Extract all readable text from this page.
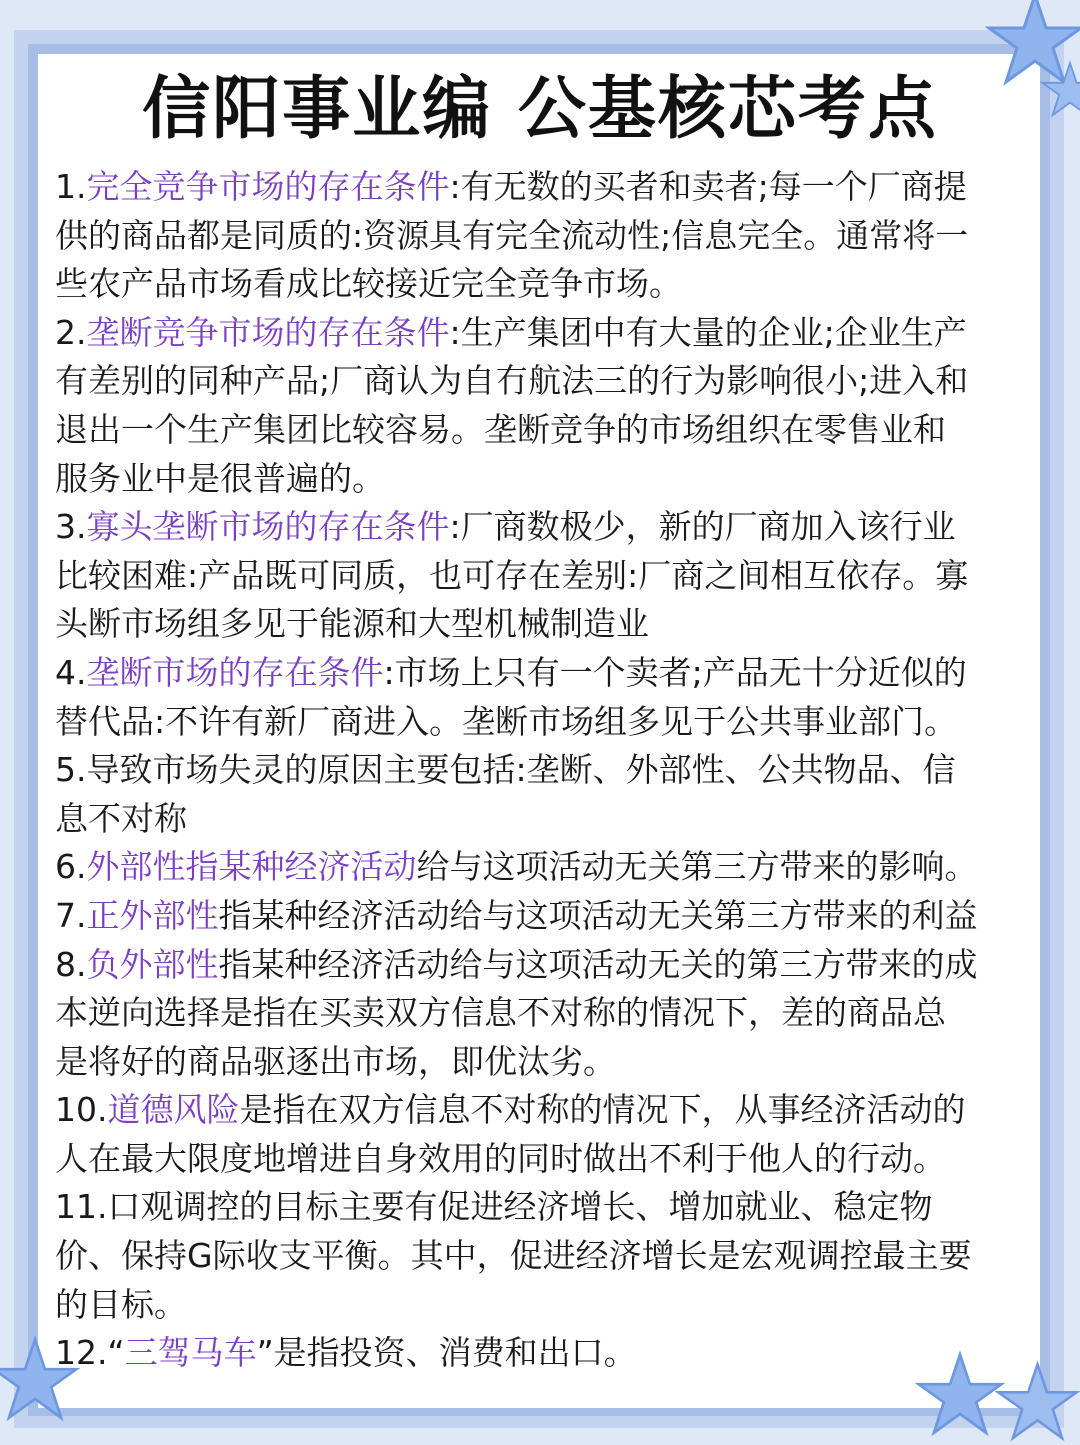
信阳事业编 公基核芯考点
1.完全竞争市场的存在条件:有无数的买者和卖者;每一个厂商提
供的商品都是同质的:资源具有完全流动性;信息完全。通常将一
些农产品市场看成比较接近完全竞争市场。
2.垄断竞争市场的存在条件:生产集团中有大量的企业;企业生产
有差别的同种产品;厂商认为自冇航法三的行为影响很小;进入和
退出一个生产集团比较容易。垄断竞争的市场组织在零售业和
服务业中是很普遍的。
3.寡头垄断市场的存在条件:厂商数极少，新的厂商加入该行业
比较困难:产品既可同质，也可存在差别:厂商之间相互依存。寡
头断市场组多见于能源和大型机械制造业
4.垄断市场的存在条件:市场上只有一个卖者;产品无十分近似的
替代品:不许有新厂商进入。垄断市场组多见于公共事业部门。
5.导致市场失灵的原因主要包括:垄断、外部性、公共物品、信
息不对称
6.外部性指某种经济活动给与这项活动无关第三方带来的影响。
7.正外部性指某种经济活动给与这项活动无关第三方带来的利益
8.负外部性指某种经济活动给与这项活动无关的第三方带来的成
本逆向选择是指在买卖双方信息不对称的情况下，差的商品总
是将好的商品驱逐出市场，即优汰劣。
10.道德风险是指在双方信息不对称的情况下，从事经济活动的
人在最大限度地增进自身效用的同时做出不利于他人的行动。
11.口观调控的目标主要有促进经济增长、增加就业、稳定物
价、保持G际收支平衡。其中，促进经济增长是宏观调控最主要
的目标。
12.“三驾马车”是指投资、消费和出口。
